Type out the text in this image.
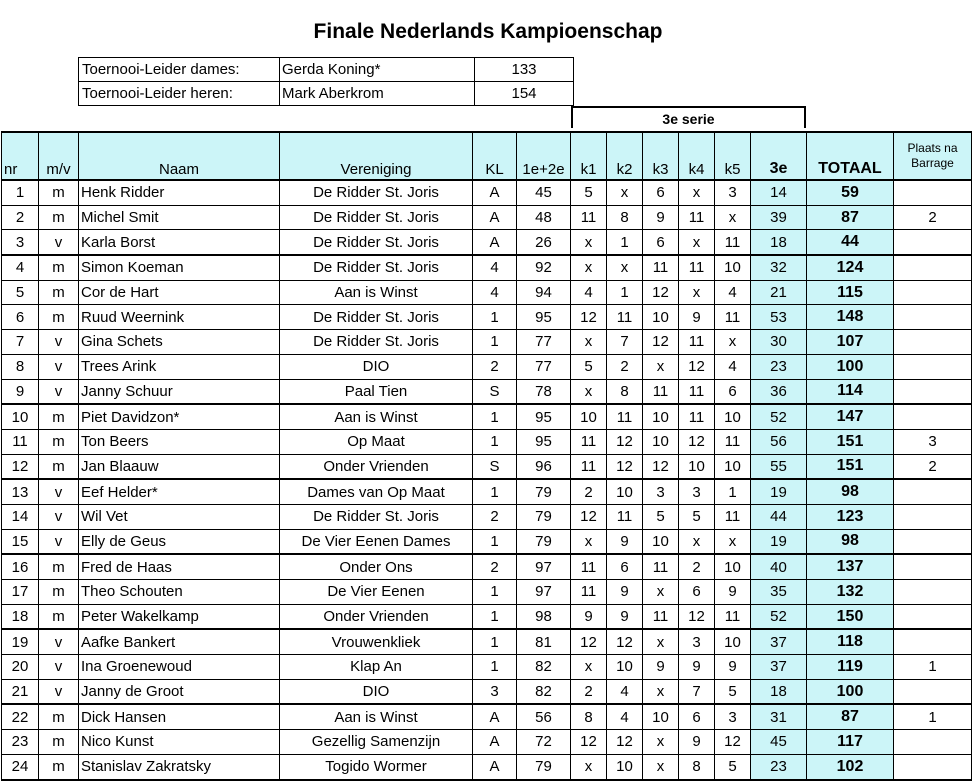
Finale Nederlands Kampioenschap
Toernooi-Leider dames:	Gerda Koning*	133
Toernooi-Leider heren:	Mark Aberkrom	154
3e serie
nr	m/v	Naam	Vereniging	KL	1e+2e	k1	k2	k3	k4	k5	3e	TOTAAL	Plaats na Barrage
1	m	Henk Ridder	De Ridder St. Joris	A	45	5	x	6	x	3	14	59	
2	m	Michel Smit	De Ridder St. Joris	A	48	11	8	9	11	x	39	87	2
3	v	Karla Borst	De Ridder St. Joris	A	26	x	1	6	x	11	18	44	
4	m	Simon Koeman	De Ridder St. Joris	4	92	x	x	11	11	10	32	124	
5	m	Cor de Hart	Aan is Winst	4	94	4	1	12	x	4	21	115	
6	m	Ruud Weernink	De Ridder St. Joris	1	95	12	11	10	9	11	53	148	
7	v	Gina Schets	De Ridder St. Joris	1	77	x	7	12	11	x	30	107	
8	v	Trees Arink	DIO	2	77	5	2	x	12	4	23	100	
9	v	Janny Schuur	Paal Tien	S	78	x	8	11	11	6	36	114	
10	m	Piet Davidzon*	Aan is Winst	1	95	10	11	10	11	10	52	147	
11	m	Ton Beers	Op Maat	1	95	11	12	10	12	11	56	151	3
12	m	Jan Blaauw	Onder Vrienden	S	96	11	12	12	10	10	55	151	2
13	v	Eef Helder*	Dames van Op Maat	1	79	2	10	3	3	1	19	98	
14	v	Wil Vet	De Ridder St. Joris	2	79	12	11	5	5	11	44	123	
15	v	Elly de Geus	De Vier Eenen Dames	1	79	x	9	10	x	x	19	98	
16	m	Fred de Haas	Onder Ons	2	97	11	6	11	2	10	40	137	
17	m	Theo Schouten	De Vier Eenen	1	97	11	9	x	6	9	35	132	
18	m	Peter Wakelkamp	Onder Vrienden	1	98	9	9	11	12	11	52	150	
19	v	Aafke Bankert	Vrouwenkliek	1	81	12	12	x	3	10	37	118	
20	v	Ina Groenewoud	Klap An	1	82	x	10	9	9	9	37	119	1
21	v	Janny de Groot	DIO	3	82	2	4	x	7	5	18	100	
22	m	Dick Hansen	Aan is Winst	A	56	8	4	10	6	3	31	87	1
23	m	Nico Kunst	Gezellig Samenzijn	A	72	12	12	x	9	12	45	117	
24	m	Stanislav Zakratsky	Togido Wormer	A	79	x	10	x	8	5	23	102	
